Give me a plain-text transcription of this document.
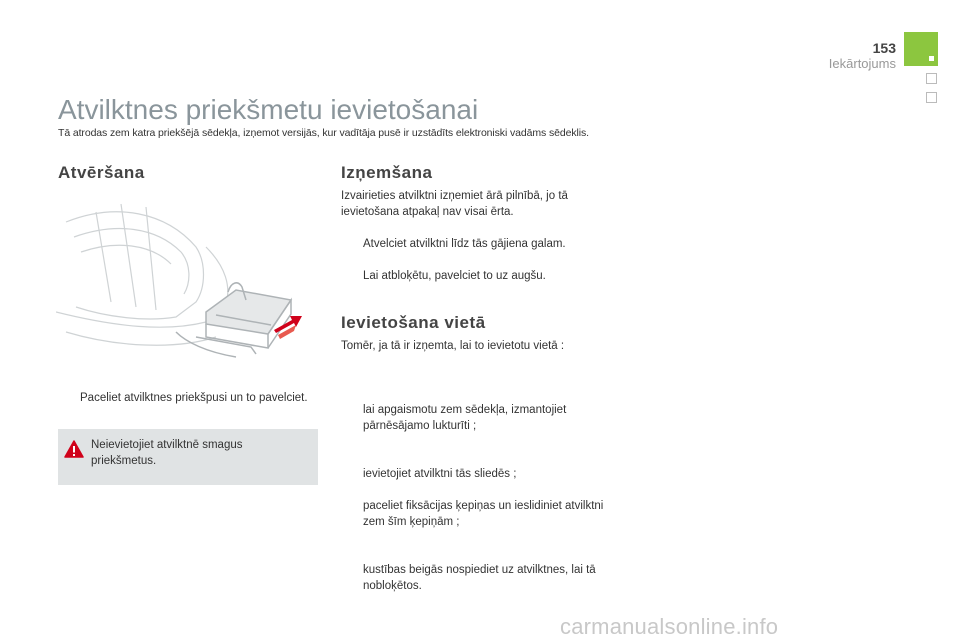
153
Iekārtojums
Atvilktnes priekšmetu ievietošanai
Tā atrodas zem katra priekšējā sēdekļa, izņemot versijās, kur vadītāja pusē ir uzstādīts elektroniski vadāms sēdeklis.
Atvēršana
Paceliet atvilktnes priekšpusi un to pavelciet.
Neievietojiet atvilktnē smagus priekšmetus.
Izņemšana
Izvairieties atvilktni izņemiet ārā pilnībā, jo tā ievietošana atpakaļ nav visai ērta.
Atvelciet atvilktni līdz tās gājiena galam.
Lai atbloķētu, pavelciet to uz augšu.
Ievietošana vietā
Tomēr, ja tā ir izņemta, lai to ievietotu vietā :
lai apgaismotu zem sēdekļa, izmantojiet pārnēsājamo lukturīti ;
ievietojiet atvilktni tās sliedēs ;
paceliet fiksācijas ķepiņas un ieslidiniet atvilktni zem šīm ķepiņām ;
kustības beigās nospiediet uz atvilktnes, lai tā nobloķētos.
carmanualsonline.info
